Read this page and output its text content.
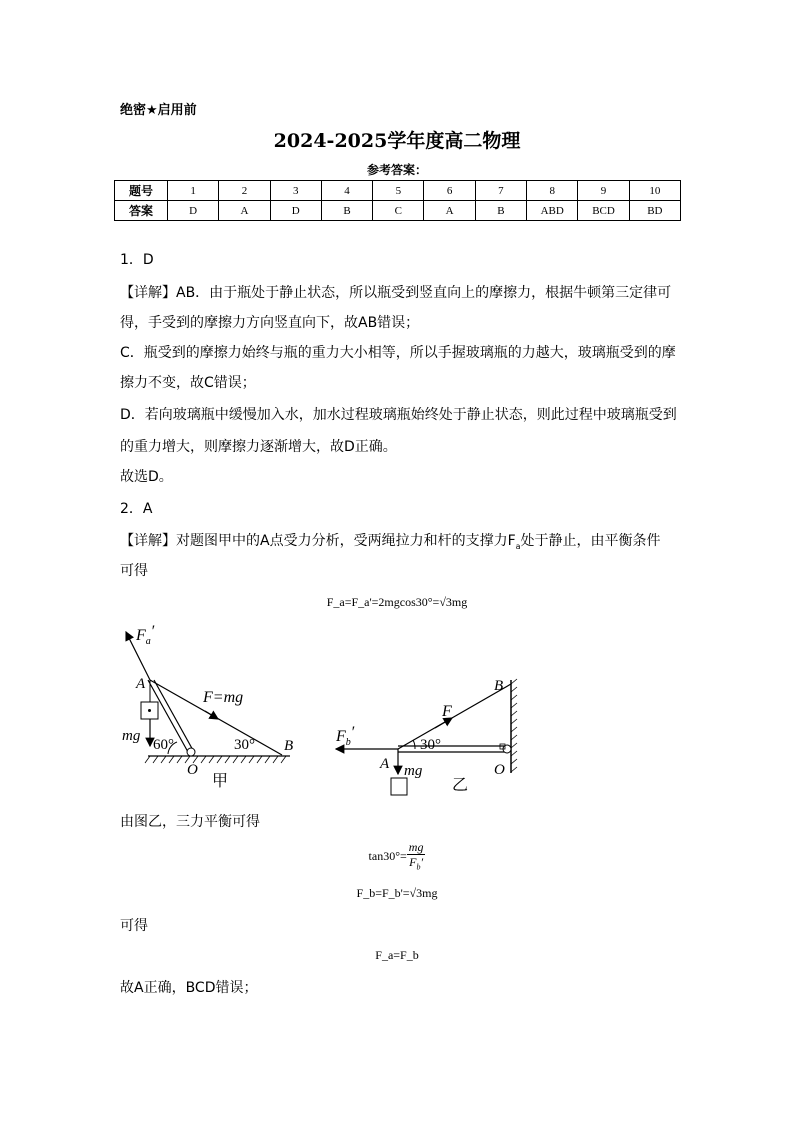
绝密★启用前
2024-2025学年度高二物理
参考答案：
题号	1	2	3	4	5	6	7	8	9	10
答案	D	A	D	B	C	A	B	ABD	BCD	BD
1．D
【详解】AB．由于瓶处于静止状态，所以瓶受到竖直向上的摩擦力，根据牛顿第三定律可
得，手受到的摩擦力方向竖直向下，故AB错误；
C．瓶受到的摩擦力始终与瓶的重力大小相等，所以手握玻璃瓶的力越大，玻璃瓶受到的摩
擦力不变，故C错误；
D．若向玻璃瓶中缓慢加入水，加水过程玻璃瓶始终处于静止状态，则此过程中玻璃瓶受到
的重力增大，则摩擦力逐渐增大，故D正确。
故选D。
2．A
【详解】对题图甲中的A点受力分析，受两绳拉力和杆的支撑力$F_a$处于静止，由平衡条件
可得
F_a=F_a'=2mgcos30°=√3mg
$F_a'$
A
F=mg
mg
60°	30° B
O
甲
B
F
$F_b'$
30°
A mg	O
乙
由图乙，三力平衡可得
$\tan 30^\circ= \frac{mg}{F_b'}$
F_b=F_b'=√3mg
可得
F_a=F_b
故A正确，BCD错误；
